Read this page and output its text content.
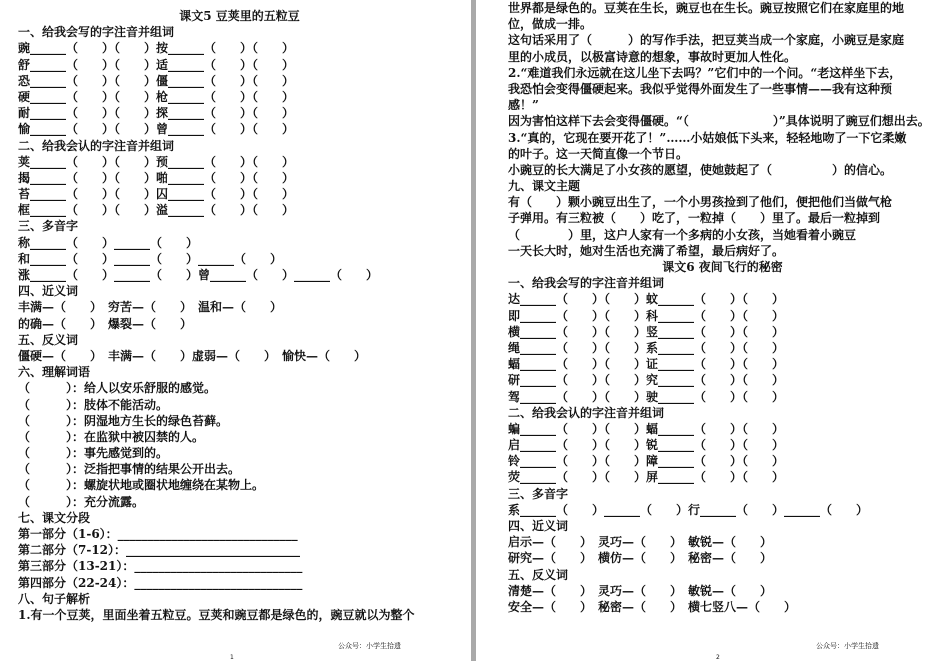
课文5 豆荚里的五粒豆
一、给我会写的字注音并组词
豌______（　　）（　　）按______（　　）（　　）
舒______（　　）（　　）适______（　　）（　　）
恐______（　　）（　　）僵______（　　）（　　）
硬______（　　）（　　）枪______（　　）（　　）
耐______（　　）（　　）探______（　　）（　　）
愉______（　　）（　　）曾______（　　）（　　）
二、给我会认的字注音并组词
荚______（　　）（　　）预______（　　）（　　）
揭______（　　）（　　）啪______（　　）（　　）
苔______（　　）（　　）囚______（　　）（　　）
框______（　　）（　　）溢______（　　）（　　）
三、多音字
称______（　　）______（　　）
和______（　　）______（　　）______（　　）
涨______（　　）______（　　）曾______（　　）______（　　）
四、近义词
丰满—（　　）　穷苦—（　　）　温和—（　　）
的确—（　　）　爆裂—（　　）
五、反义词
僵硬—（　　）　丰满—（　　）虚弱—（　　）　愉快—（　　）
六、理解词语
（　　　）：给人以安乐舒服的感觉。
（　　　）：肢体不能活动。
（　　　）：阴湿地方生长的绿色苔藓。
（　　　）：在监狱中被囚禁的人。
（　　　）：事先感觉到的。
（　　　）：泛指把事情的结果公开出去。
（　　　）：螺旋状地或圈状地缠绕在某物上。
（　　　）：充分流露。
七、课文分段
第一部分（1-6）：______________________________
第二部分（7-12）：_____________________________
第三部分（13-21）：____________________________
第四部分（22-24）：____________________________
八、句子解析
1.有一个豆荚，里面坐着五粒豆。豆荚和豌豆都是绿色的，豌豆就以为整个
公众号：小学生拾遗
1
世界都是绿色的。豆荚在生长，豌豆也在生长。豌豆按照它们在家庭里的地
位，做成一排。
这句话采用了（　　　）的写作手法，把豆荚当成一个家庭，小豌豆是家庭
里的小成员，以极富诗意的想象，事故时更加人性化。
2.“难道我们永远就在这儿坐下去吗？”它们中的一个问。“老这样坐下去，
我恐怕会变得僵硬起来。我似乎觉得外面发生了一些事情——我有这种预
感！”
因为害怕这样下去会变得僵硬。“（　　　　　　　）”具体说明了豌豆们想出去。
3.“真的，它现在要开花了！”……小姑娘低下头来，轻轻地吻了一下它柔嫩
的叶子。这一天简直像一个节日。
小豌豆的长大满足了小女孩的愿望，使她鼓起了（　　　　　）的信心。
九、课文主题
有（　　）颗小豌豆出生了，一个小男孩捡到了他们，便把他们当做气枪
子弹用。有三粒被（　　）吃了，一粒掉（　　）里了。最后一粒掉到
（　　　　）里，这户人家有一个多病的小女孩，当她看着小豌豆
一天长大时，她对生活也充满了希望，最后病好了。
课文6 夜间飞行的秘密
一、给我会写的字注音并组词
达______（　　）（　　）蚊______（　　）（　　）
即______（　　）（　　）科______（　　）（　　）
横______（　　）（　　）竖______（　　）（　　）
绳______（　　）（　　）系______（　　）（　　）
蝠______（　　）（　　）证______（　　）（　　）
研______（　　）（　　）究______（　　）（　　）
驾______（　　）（　　）驶______（　　）（　　）
二、给我会认的字注音并组词
蝙______（　　）（　　）蝠______（　　）（　　）
启______（　　）（　　）锐______（　　）（　　）
铃______（　　）（　　）障______（　　）（　　）
荧______（　　）（　　）屏______（　　）（　　）
三、多音字
系______（　　）______（　　）行______（　　）______（　　）
四、近义词
启示—（　　）　灵巧—（　　）　敏锐—（　　）
研究—（　　）　横仿—（　　）　秘密—（　　）
五、反义词
清楚—（　　）　灵巧—（　　）　敏锐—（　　）
安全—（　　）　秘密—（　　）　横七竖八—（　　）
公众号：小学生拾遗
2
